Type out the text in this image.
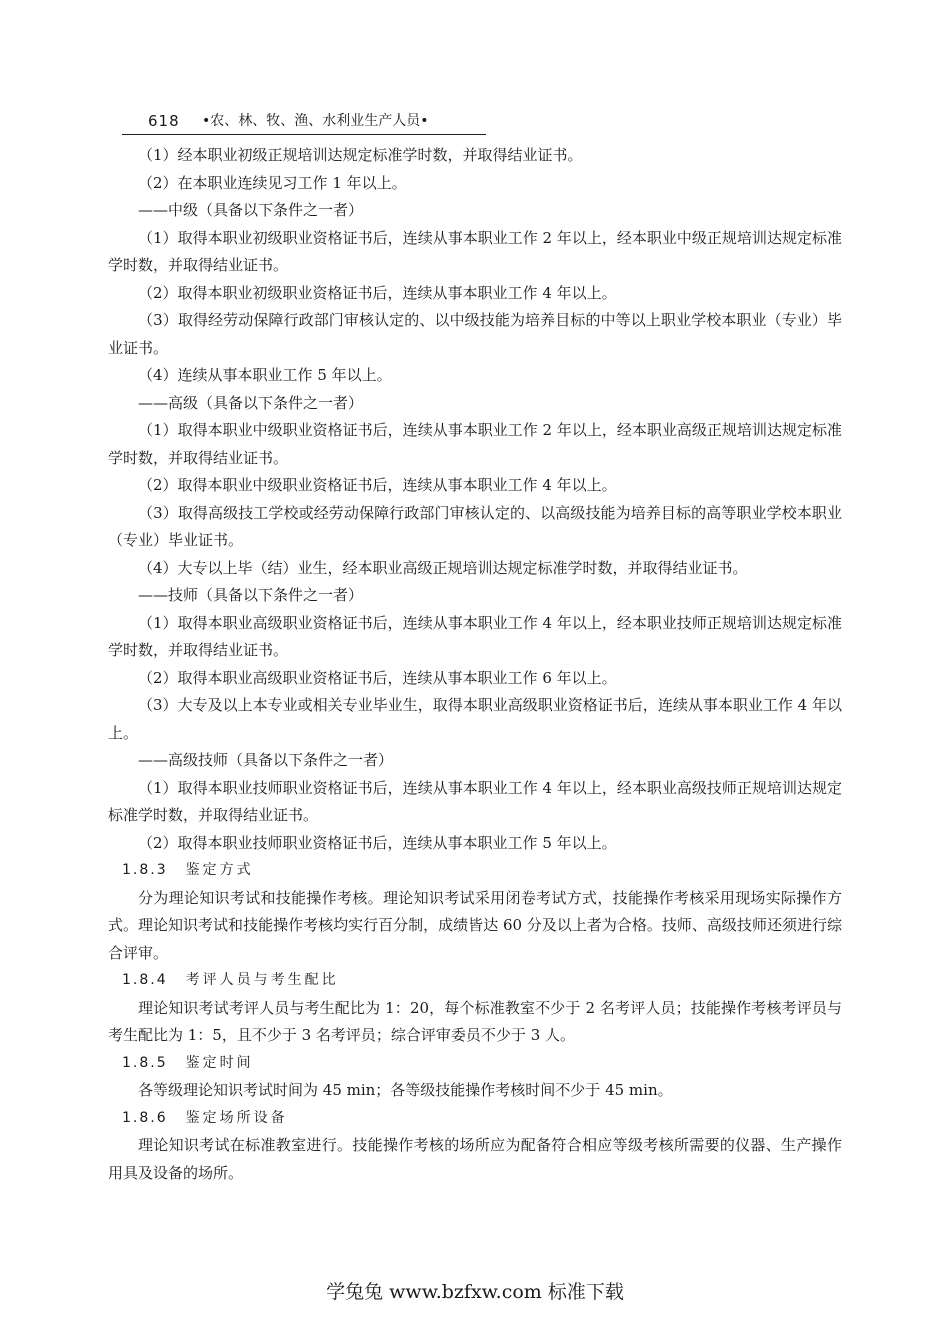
618 •农、林、牧、渔、水利业生产人员•

（1）经本职业初级正规培训达规定标准学时数，并取得结业证书。

（2）在本职业连续见习工作 1 年以上。

——中级（具备以下条件之一者）

（1）取得本职业初级职业资格证书后，连续从事本职业工作 2 年以上，经本职业中级正规培训达规定标准学时数，并取得结业证书。

（2）取得本职业初级职业资格证书后，连续从事本职业工作 4 年以上。

（3）取得经劳动保障行政部门审核认定的、以中级技能为培养目标的中等以上职业学校本职业（专业）毕业证书。

（4）连续从事本职业工作 5 年以上。

——高级（具备以下条件之一者）

（1）取得本职业中级职业资格证书后，连续从事本职业工作 2 年以上，经本职业高级正规培训达规定标准学时数，并取得结业证书。

（2）取得本职业中级职业资格证书后，连续从事本职业工作 4 年以上。

（3）取得高级技工学校或经劳动保障行政部门审核认定的、以高级技能为培养目标的高等职业学校本职业（专业）毕业证书。

（4）大专以上毕（结）业生，经本职业高级正规培训达规定标准学时数，并取得结业证书。

——技师（具备以下条件之一者）

（1）取得本职业高级职业资格证书后，连续从事本职业工作 4 年以上，经本职业技师正规培训达规定标准学时数，并取得结业证书。

（2）取得本职业高级职业资格证书后，连续从事本职业工作 6 年以上。

（3）大专及以上本专业或相关专业毕业生，取得本职业高级职业资格证书后，连续从事本职业工作 4 年以上。

——高级技师（具备以下条件之一者）

（1）取得本职业技师职业资格证书后，连续从事本职业工作 4 年以上，经本职业高级技师正规培训达规定标准学时数，并取得结业证书。

（2）取得本职业技师职业资格证书后，连续从事本职业工作 5 年以上。

1.8.3 鉴定方式

分为理论知识考试和技能操作考核。理论知识考试采用闭卷考试方式，技能操作考核采用现场实际操作方式。理论知识考试和技能操作考核均实行百分制，成绩皆达 60 分及以上者为合格。技师、高级技师还须进行综合评审。

1.8.4 考评人员与考生配比

理论知识考试考评人员与考生配比为 1：20，每个标准教室不少于 2 名考评人员；技能操作考核考评员与考生配比为 1：5，且不少于 3 名考评员；综合评审委员不少于 3 人。

1.8.5 鉴定时间

各等级理论知识考试时间为 45 min；各等级技能操作考核时间不少于 45 min。

1.8.6 鉴定场所设备

理论知识考试在标准教室进行。技能操作考核的场所应为配备符合相应等级考核所需要的仪器、生产操作用具及设备的场所。

学兔兔 www.bzfxw.com 标准下载
